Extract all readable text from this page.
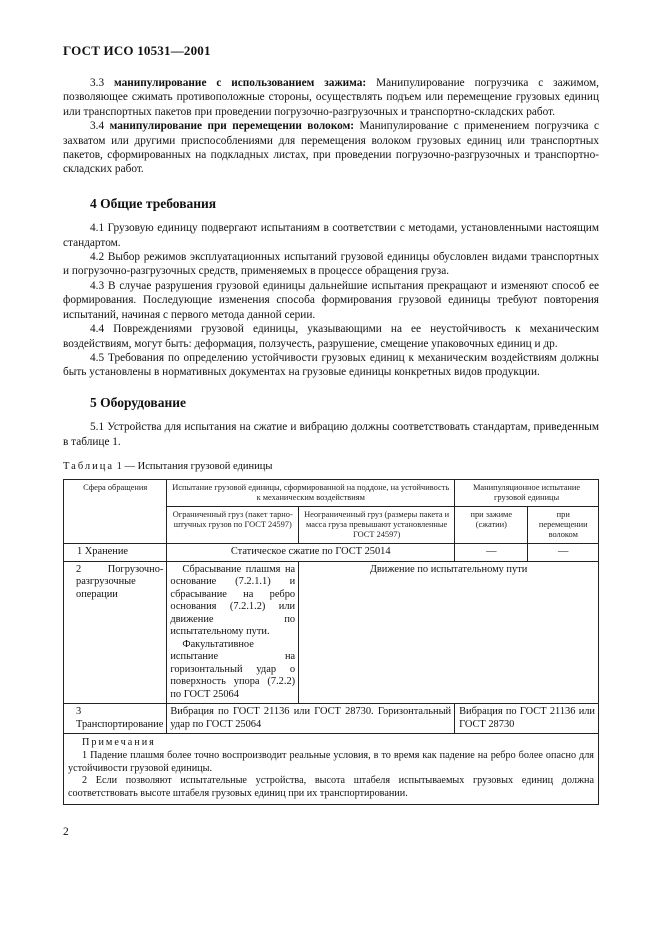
ГОСТ ИСО 10531—2001

3.3 манипулирование с использованием зажима: Манипулирование погрузчика с зажимом, позволяющее сжимать противоположные стороны, осуществлять подъем или перемещение грузовых единиц или транспортных пакетов при проведении погрузочно-разгрузочных и транспортно-складских работ.

3.4 манипулирование при перемещении волоком: Манипулирование с применением погрузчика с захватом или другими приспособлениями для перемещения волоком грузовых единиц или транспортных пакетов, сформированных на подкладных листах, при проведении погрузочно-разгрузочных и транспортно-складских работ.

4 Общие требования

4.1 Грузовую единицу подвергают испытаниям в соответствии с методами, установленными настоящим стандартом.

4.2 Выбор режимов эксплуатационных испытаний грузовой единицы обусловлен видами транспортных и погрузочно-разгрузочных средств, применяемых в процессе обращения груза.

4.3 В случае разрушения грузовой единицы дальнейшие испытания прекращают и изменяют способ ее формирования. Последующие изменения способа формирования грузовой единицы требуют повторения испытаний, начиная с первого метода данной серии.

4.4 Повреждениями грузовой единицы, указывающими на ее неустойчивость к механическим воздействиям, могут быть: деформация, ползучесть, разрушение, смещение упаковочных единиц и др.

4.5 Требования по определению устойчивости грузовых единиц к механическим воздействиям должны быть установлены в нормативных документах на грузовые единицы конкретных видов продукции.

5 Оборудование

5.1 Устройства для испытания на сжатие и вибрацию должны соответствовать стандартам, приведенным в таблице 1.

Таблица 1 — Испытания грузовой единицы
Сфера обращения	Испытание грузовой единицы, сформированной на поддоне, на устойчивость к механическим воздействиям		Манипуляционное испытание грузовой единицы	
	Ограниченный груз (пакет тарно-штучных грузов по ГОСТ 24597)	Неограниченный груз (размеры пакета и масса груза превышают установленные ГОСТ 24597)	при зажиме (сжатии)	при перемещении волоком
1 Хранение	Статическое сжатие по ГОСТ 25014		—	—
2 Погрузочно-разгрузочные операции	Сбрасывание плашмя на основание (7.2.1.1) и сбрасывание на ребро основания (7.2.1.2) или движение по испытательному пути.
Факультативное испытание на горизонтальный удар о поверхность упора (7.2.2) по ГОСТ 25064	Движение по испытательному пути		
3 Транспортирование	Вибрация по ГОСТ 21136 или ГОСТ 28730. Горизонтальный удар по ГОСТ 25064		Вибрация по ГОСТ 21136 или ГОСТ 28730	
Примечания

1 Падение плашмя более точно воспроизводит реальные условия, в то время как падение на ребро более опасно для устойчивости грузовой единицы.

2 Если позволяют испытательные устройства, высота штабеля испытываемых грузовых единиц должна соответствовать высоте штабеля грузовых единиц при их транспортировании.

2
